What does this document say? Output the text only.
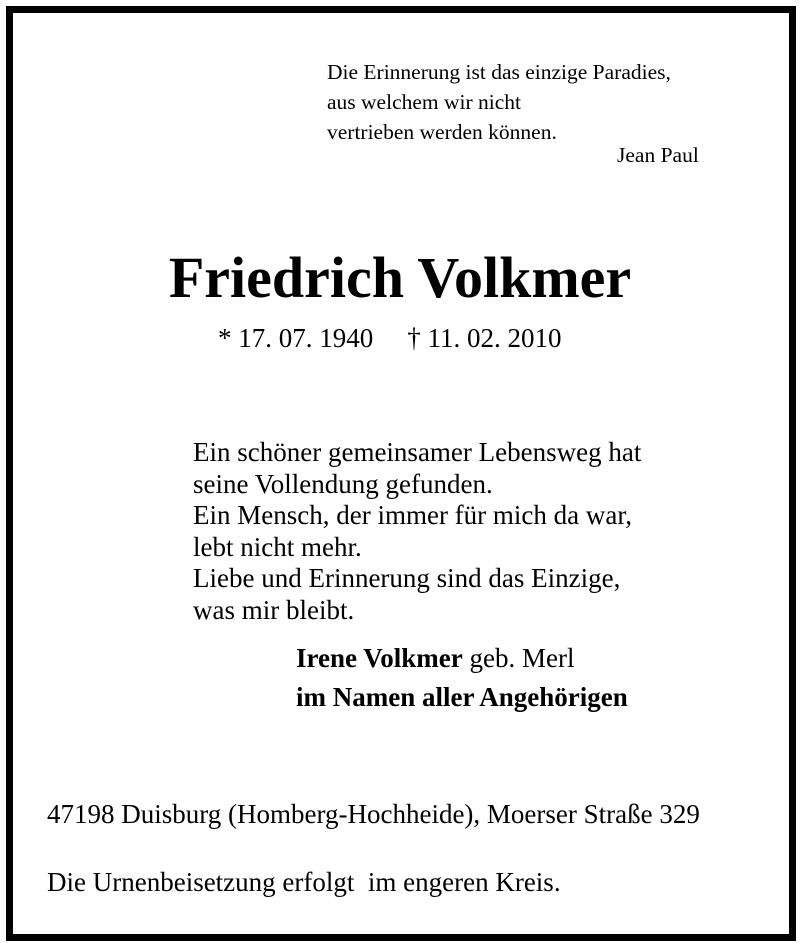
Die Erinnerung ist das einzige Paradies,
aus welchem wir nicht
vertrieben werden können.
Jean Paul
Friedrich Volkmer
* 17. 07. 1940 † 11. 02. 2010
Ein schöner gemeinsamer Lebensweg hat
seine Vollendung gefunden.
Ein Mensch, der immer für mich da war,
lebt nicht mehr.
Liebe und Erinnerung sind das Einzige,
was mir bleibt.
Irene Volkmer geb. Merl
im Namen aller Angehörigen
47198 Duisburg (Homberg-Hochheide), Moerser Straße 329
Die Urnenbeisetzung erfolgt  im engeren Kreis.
